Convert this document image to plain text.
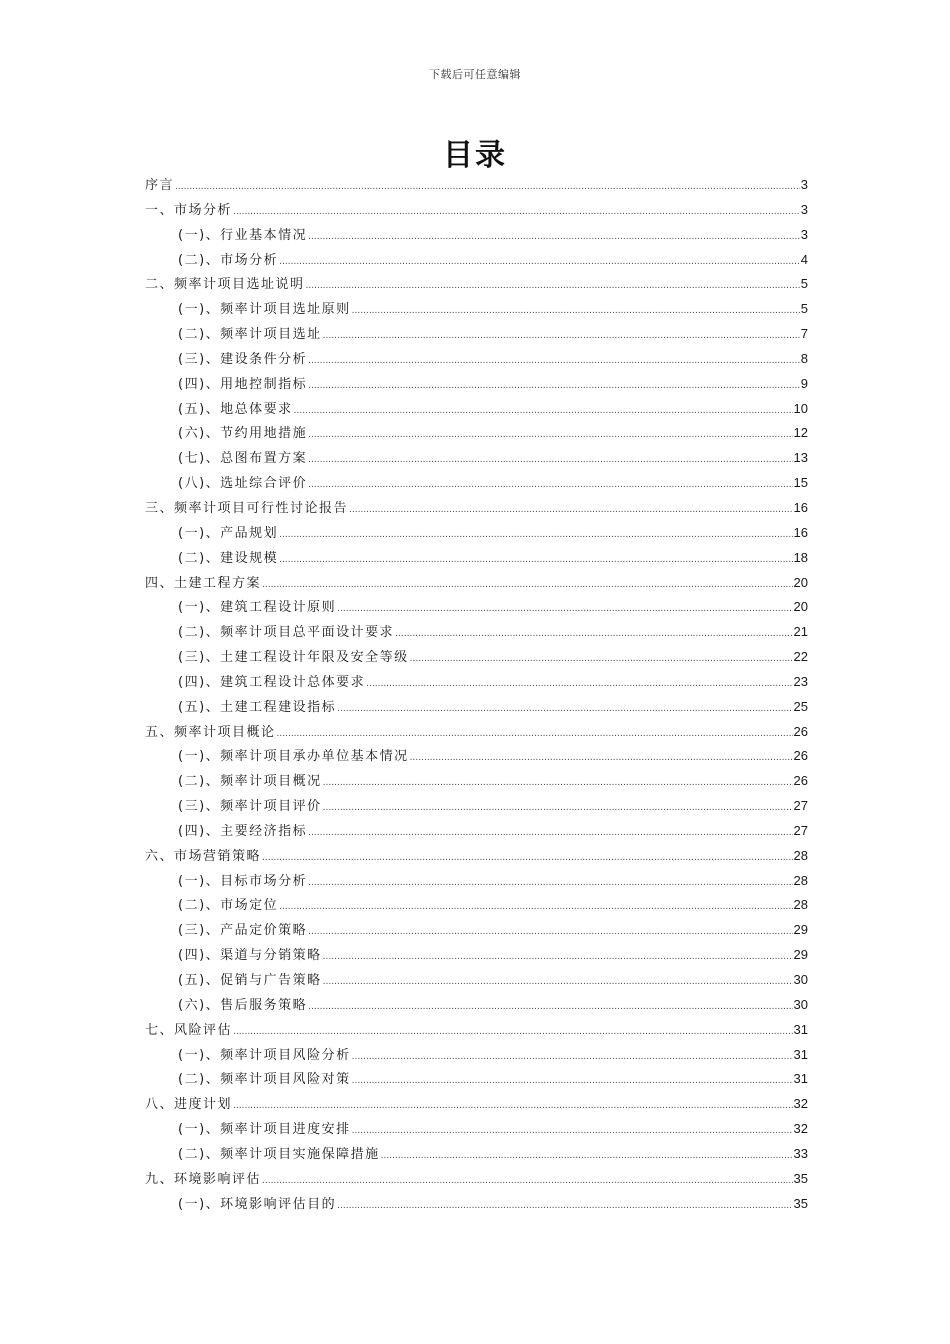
下载后可任意编辑
目录
序言 .....	3
一、市场分析 .....	3
(一)、行业基本情况 .....	3
(二)、市场分析 .....	4
二、频率计项目选址说明 .....	5
(一)、频率计项目选址原则 .....	5
(二)、频率计项目选址 .....	7
(三)、建设条件分析 .....	8
(四)、用地控制指标 .....	9
(五)、地总体要求 .....	10
(六)、节约用地措施 .....	12
(七)、总图布置方案 .....	13
(八)、选址综合评价 .....	15
三、频率计项目可行性讨论报告 .....	16
(一)、产品规划 .....	16
(二)、建设规模 .....	18
四、土建工程方案 .....	20
(一)、建筑工程设计原则 .....	20
(二)、频率计项目总平面设计要求 .....	21
(三)、土建工程设计年限及安全等级 .....	22
(四)、建筑工程设计总体要求 .....	23
(五)、土建工程建设指标 .....	25
五、频率计项目概论 .....	26
(一)、频率计项目承办单位基本情况 .....	26
(二)、频率计项目概况 .....	26
(三)、频率计项目评价 .....	27
(四)、主要经济指标 .....	27
六、市场营销策略 .....	28
(一)、目标市场分析 .....	28
(二)、市场定位 .....	28
(三)、产品定价策略 .....	29
(四)、渠道与分销策略 .....	29
(五)、促销与广告策略 .....	30
(六)、售后服务策略 .....	30
七、风险评估 .....	31
(一)、频率计项目风险分析 .....	31
(二)、频率计项目风险对策 .....	31
八、进度计划 .....	32
(一)、频率计项目进度安排 .....	32
(二)、频率计项目实施保障措施 .....	33
九、环境影响评估 .....	35
(一)、环境影响评估目的 .....	35
